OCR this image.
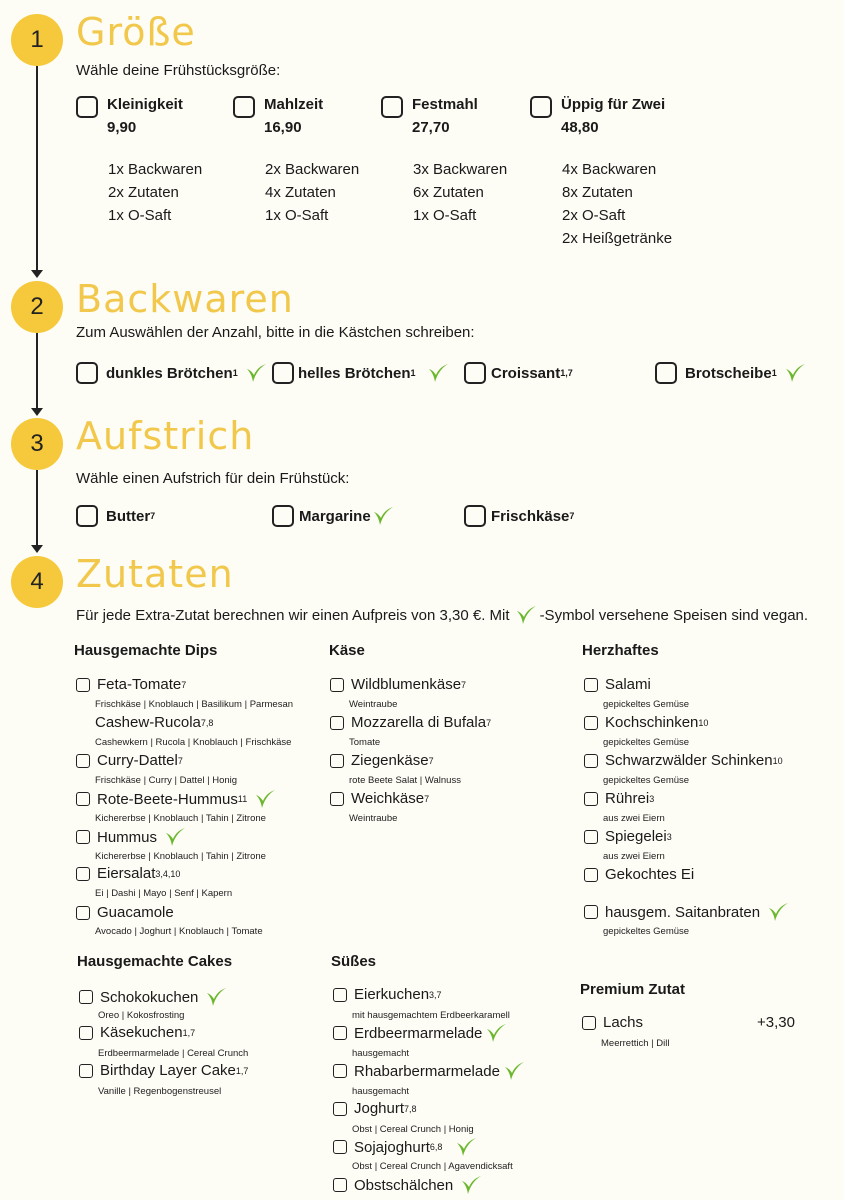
1 Größe
Wähle deine Frühstücksgröße:
Kleinigkeit
9,90
1x Backwaren
2x Zutaten
1x O-Saft
Mahlzeit
16,90
2x Backwaren
4x Zutaten
1x O-Saft
Festmahl
27,70
3x Backwaren
6x Zutaten
1x O-Saft
Üppig für Zwei
48,80
4x Backwaren
8x Zutaten
2x O-Saft
2x Heißgetränke
2 Backwaren
Zum Auswählen der Anzahl, bitte in die Kästchen schreiben:
dunkles Brötchen 1	helles Brötchen 1	Croissant 1,7	Brotscheibe 1
3 Aufstrich
Wähle einen Aufstrich für dein Frühstück:
Butter 7	Margarine	Frischkäse 7
4 Zutaten
Für jede Extra-Zutat berechnen wir einen Aufpreis von 3,30 €. Mit -Symbol versehene Speisen sind vegan.
Hausgemachte Dips
Feta-Tomate 7
Frischkäse | Knoblauch | Basilikum | Parmesan
Cashew-Rucola 7,8
Cashewkern | Rucola | Knoblauch | Frischkäse
Curry-Dattel 7
Frischkäse | Curry | Dattel | Honig
Rote-Beete-Hummus 11
Kichererbse | Knoblauch | Tahin | Zitrone
Hummus
Kichererbse | Knoblauch | Tahin | Zitrone
Eiersalat 3,4,10
Ei | Dashi | Mayo | Senf | Kapern
Guacamole
Avocado | Joghurt | Knoblauch | Tomate
Käse
Wildblumenkäse 7
Weintraube
Mozzarella di Bufala 7
Tomate
Ziegenkäse 7
rote Beete Salat | Walnuss
Weichkäse 7
Weintraube
Herzhaftes
Salami
gepickeltes Gemüse
Kochschinken 10
gepickeltes Gemüse
Schwarzwälder Schinken 10
gepickeltes Gemüse
Rührei 3
aus zwei Eiern
Spiegelei 3
aus zwei Eiern
Gekochtes Ei
hausgem. Saitanbraten
gepickeltes Gemüse
Hausgemachte Cakes
Schokokuchen
Oreo | Kokosfrosting
Käsekuchen 1,7
Erdbeermarmelade | Cereal Crunch
Birthday Layer Cake 1,7
Vanille | Regenbogenstreusel
Süßes
Eierkuchen 3,7
mit hausgemachtem Erdbeerkaramell
Erdbeermarmelade
hausgemacht
Rhabarbermarmelade
hausgemacht
Joghurt 7,8
Obst | Cereal Crunch | Honig
Sojajoghurt 6,8
Obst | Cereal Crunch | Agavendicksaft
Obstschälchen
Premium Zutat
Lachs	+3,30
Meerrettich | Dill
